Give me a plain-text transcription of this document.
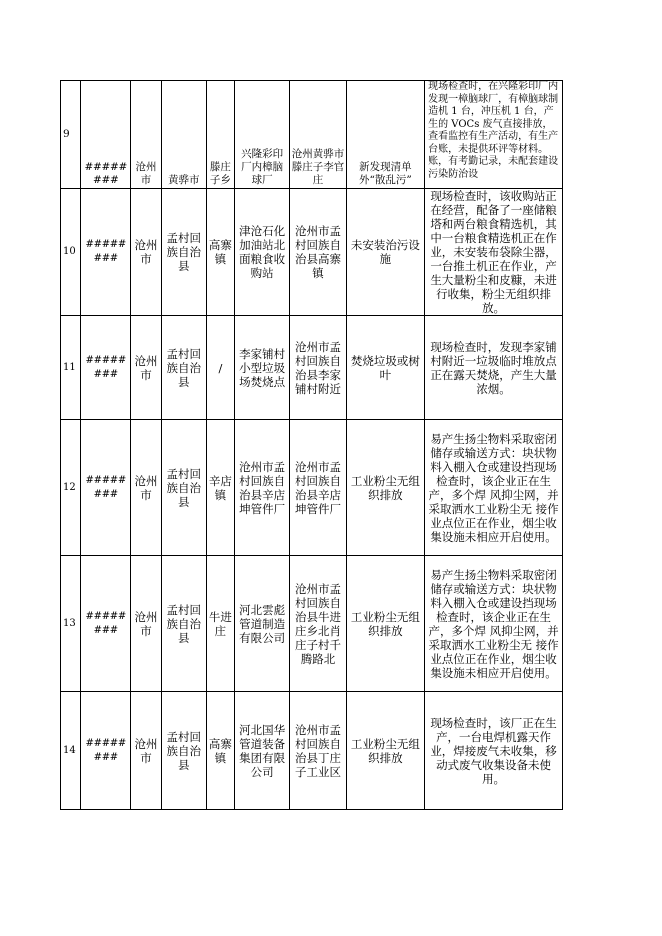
9	########	沧州市	黄骅市	滕庄子乡	兴隆彩印厂内樟脑球厂	沧州黄骅市滕庄子李官庄	新发现清单外“散乱污”	现场检查时，在兴隆彩印厂内发现一樟脑球厂，有樟脑球制造机 1 台，冲压机 1 台，产生的 VOCs 废气直接排放，查看监控有生产活动，有生产台账，未提供环评等材料。账，有考勤记录，未配套建设污染防治设

10	########	沧州市	孟村回族自治县	高寨镇	津沧石化加油站北面粮食收购站	沧州市孟村回族自治县高寨镇	未安装治污设施	现场检查时，该收购站正在经营，配备了一座储粮塔和两台粮食精选机，其中一台粮食精选机正在作业，未安装布袋除尘器，一台推土机正在作业，产生大量粉尘和皮糠，未进行收集，粉尘无组织排放。
11	########	沧州市	孟村回族自治县	/	李家铺村小型垃圾场焚烧点	沧州市孟村回族自治县李家铺村附近	焚烧垃圾或树叶	现场检查时，发现李家铺村附近一垃圾临时堆放点正在露天焚烧，产生大量浓烟。
12	########	沧州市	孟村回族自治县	辛店镇	沧州市孟村回族自治县辛店坤管件厂	沧州市孟村回族自治县辛店坤管件厂	工业粉尘无组织排放	易产生扬尘物料采取密闭储存或输送方式：块状物料入棚入仓或建设挡现场检查时，该企业正在生产，多个焊 风抑尘网，并采取洒水工业粉尘无 接作业点位正在作业，烟尘收集设施未相应开启使用。
13	########	沧州市	孟村回族自治县	牛进庄	河北雲彪管道制造有限公司	沧州市孟村回族自治县牛进庄乡北肖庄子村千腾路北	工业粉尘无组织排放	易产生扬尘物料采取密闭储存或输送方式：块状物料入棚入仓或建设挡现场检查时，该企业正在生产，多个焊 风抑尘网，并采取洒水工业粉尘无 接作业点位正在作业，烟尘收集设施未相应开启使用。
14	########	沧州市	孟村回族自治县	高寨镇	河北国华管道装备集团有限公司	沧州市孟村回族自治县丁庄子工业区	工业粉尘无组织排放	现场检查时，该厂正在生产，一台电焊机露天作业，焊接废气未收集，移动式废气收集设备未使用。
